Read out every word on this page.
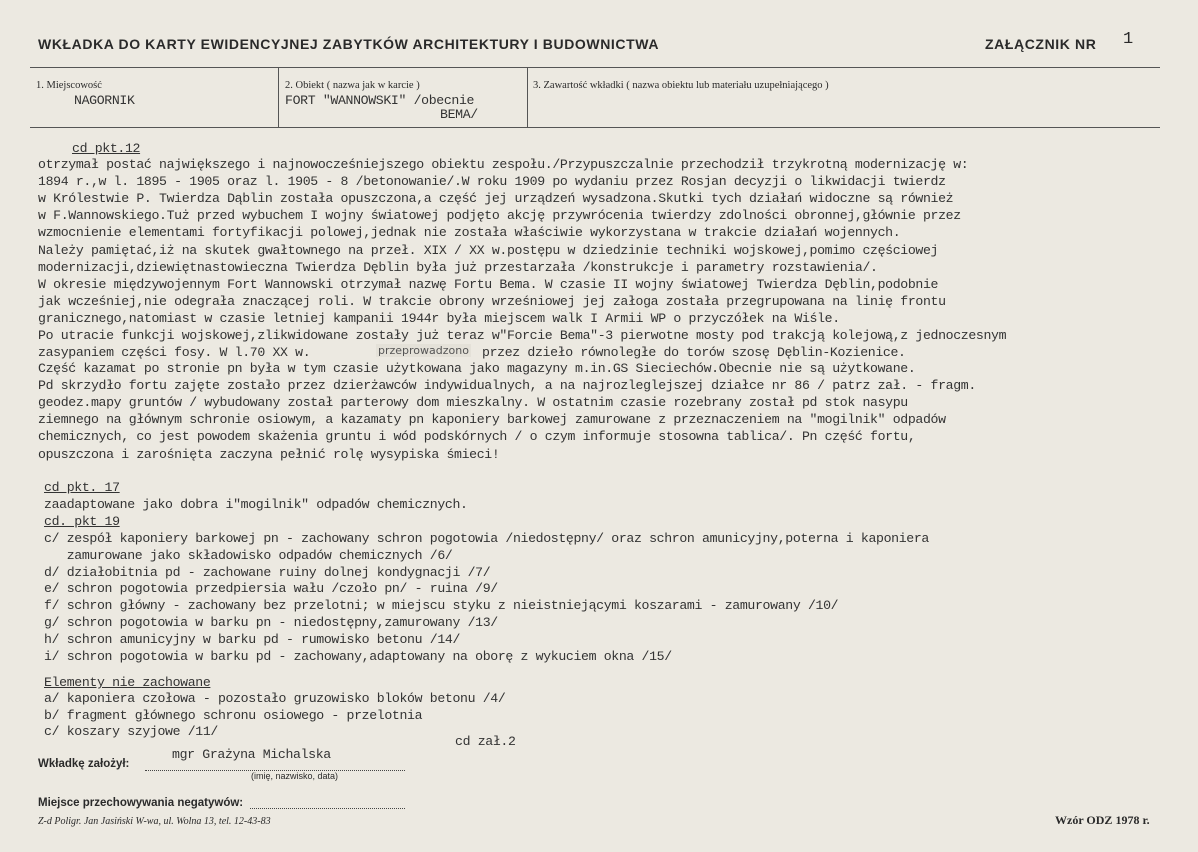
WKŁADKA DO KARTY EWIDENCYJNEJ ZABYTKÓW ARCHITEKTURY I BUDOWNICTWA	ZAŁĄCZNIK NR 1
1. Miejscowość
NAGORNIK
2. Obiekt ( nazwa jak w karcie )
FORT "WANNOWSKI" /obecnie
BEMA/
3. Zawartość wkładki ( nazwa obiektu lub materiału uzupełniającego )
cd pkt.12
otrzymał postać największego i najnowocześniejszego obiektu zespołu./Przypuszczalnie przechodził trzykrotną modernizację w:
1894 r.,w l. 1895 - 1905 oraz l. 1905 - 8 /betonowanie/.W roku 1909 po wydaniu przez Rosjan decyzji o likwidacji twierdz
w Królestwie P. Twierdza Dąblin została opuszczona,a część jej urządzeń wysadzona.Skutki tych działań widoczne są również
w F.Wannowskiego.Tuż przed wybuchem I wojny światowej podjęto akcję przywrócenia twierdzy zdolności obronnej,głównie przez
wzmocnienie elementami fortyfikacji polowej,jednak nie została właściwie wykorzystana w trakcie działań wojennych.
Należy pamiętać,iż na skutek gwałtownego na przeł. XIX / XX w.postępu w dziedzinie techniki wojskowej,pomimo częściowej
modernizacji,dziewiętnastowieczna Twierdza Dęblin była już przestarzała /konstrukcje i parametry rozstawienia/.
W okresie międzywojennym Fort Wannowski otrzymał nazwę Fortu Bema. W czasie II wojny światowej Twierdza Dęblin,podobnie
jak wcześniej,nie odegrała znaczącej roli. W trakcie obrony wrześniowej jej załoga została przegrupowana na linię frontu
granicznego,natomiast w czasie letniej kampanii 1944r była miejscem walk I Armii WP o przyczółek na Wiśle.
Po utracie funkcji wojskowej,zlikwidowane zostały już teraz w"Forcie Bema"-3 pierwotne mosty pod trakcją kolejową,z jednoczesnym
zasypaniem części fosy. W l.70 XX w.	przeprowadzono przez dzieło równoległe do torów szosę Dęblin-Kozienice.
Część kazamat po stronie pn była w tym czasie użytkowana jako magazyny m.in.GS Sieciechów.Obecnie nie są użytkowane.
Pd skrzydło fortu zajęte zostało przez dzierżawców indywidualnych, a na najrozleglejszej działce nr 86 / patrz zał. - fragm.
geodez.mapy gruntów / wybudowany został parterowy dom mieszkalny. W ostatnim czasie rozebrany został pd stok nasypu
ziemnego na głównym schronie osiowym, a kazamaty pn kaponiery barkowej zamurowane z przeznaczeniem na "mogilnik" odpadów
chemicznych, co jest powodem skażenia gruntu i wód podskórnych / o czym informuje stosowna tablica/. Pn część fortu,
opuszczona i zarośnięta zaczyna pełnić rolę wysypiska śmieci!
cd pkt. 17
zaadaptowane jako dobra i"mogilnik" odpadów chemicznych.
cd. pkt 19
c/ zespół kaponiery barkowej pn - zachowany schron pogotowia /niedostępny/ oraz schron amunicyjny,poterna i kaponiera
zamurowane jako składowisko odpadów chemicznych /6/
d/ działobitnia pd - zachowane ruiny dolnej kondygnacji /7/
e/ schron pogotowia przedpiersia wału /czoło pn/ - ruina /9/
f/ schron główny - zachowany bez przelotni; w miejscu styku z nieistniejącymi koszarami - zamurowany /10/
g/ schron pogotowia w barku pn - niedostępny,zamurowany /13/
h/ schron amunicyjny w barku pd - rumowisko betonu /14/
i/ schron pogotowia w barku pd - zachowany,adaptowany na oborę z wykuciem okna /15/
Elementy nie zachowane
a/ kaponiera czołowa - pozostało gruzowisko bloków betonu /4/
b/ fragment głównego schronu osiowego - przelotnia
c/ koszary szyjowe /11/
cd zał.2
Wkładkę założył:
mgr Grażyna Michalska
(imię, nazwisko, data)
Miejsce przechowywania negatywów:
Z-d Poligr. Jan Jasiński W-wa, ul. Wolna 13, tel. 12-43-83	Wzór ODZ 1978 r.
